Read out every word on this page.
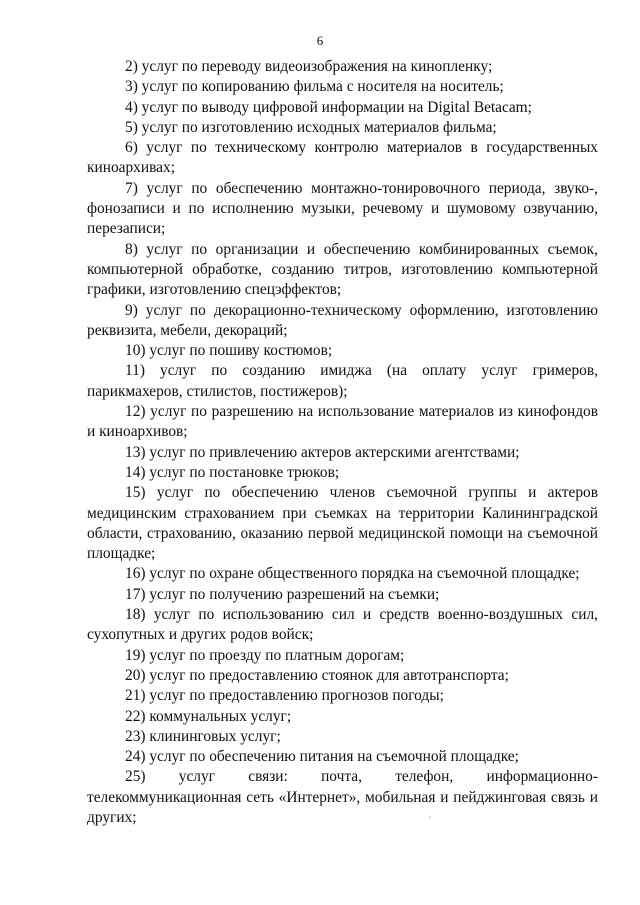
6

2) услуг по переводу видеоизображения на кинопленку;

3) услуг по копированию фильма с носителя на носитель;

4) услуг по выводу цифровой информации на Digital Betacam;

5) услуг по изготовлению исходных материалов фильма;

6) услуг по техническому контролю материалов в государственных киноархивах;

7) услуг по обеспечению монтажно-тонировочного периода, звуко-, фонозаписи и по исполнению музыки, речевому и шумовому озвучанию, перезаписи;

8) услуг по организации и обеспечению комбинированных съемок, компьютерной обработке, созданию титров, изготовлению компьютерной графики, изготовлению спецэффектов;

9) услуг по декорационно-техническому оформлению, изготовлению реквизита, мебели, декораций;

10) услуг по пошиву костюмов;

11) услуг по созданию имиджа (на оплату услуг гримеров, парикмахеров, стилистов, постижеров);

12) услуг по разрешению на использование материалов из кинофондов и киноархивов;

13) услуг по привлечению актеров актерскими агентствами;

14) услуг по постановке трюков;

15) услуг по обеспечению членов съемочной группы и актеров медицинским страхованием при съемках на территории Калининградской области, страхованию, оказанию первой медицинской помощи на съемочной площадке;

16) услуг по охране общественного порядка на съемочной площадке;

17) услуг по получению разрешений на съемки;

18) услуг по использованию сил и средств военно-воздушных сил, сухопутных и других родов войск;

19) услуг по проезду по платным дорогам;

20) услуг по предоставлению стоянок для автотранспорта;

21) услуг по предоставлению прогнозов погоды;

22) коммунальных услуг;

23) клининговых услуг;

24) услуг по обеспечению питания на съемочной площадке;

25) услуг связи: почта, телефон, информационно-телекоммуникационная сеть «Интернет», мобильная и пейджинговая связь и других;
